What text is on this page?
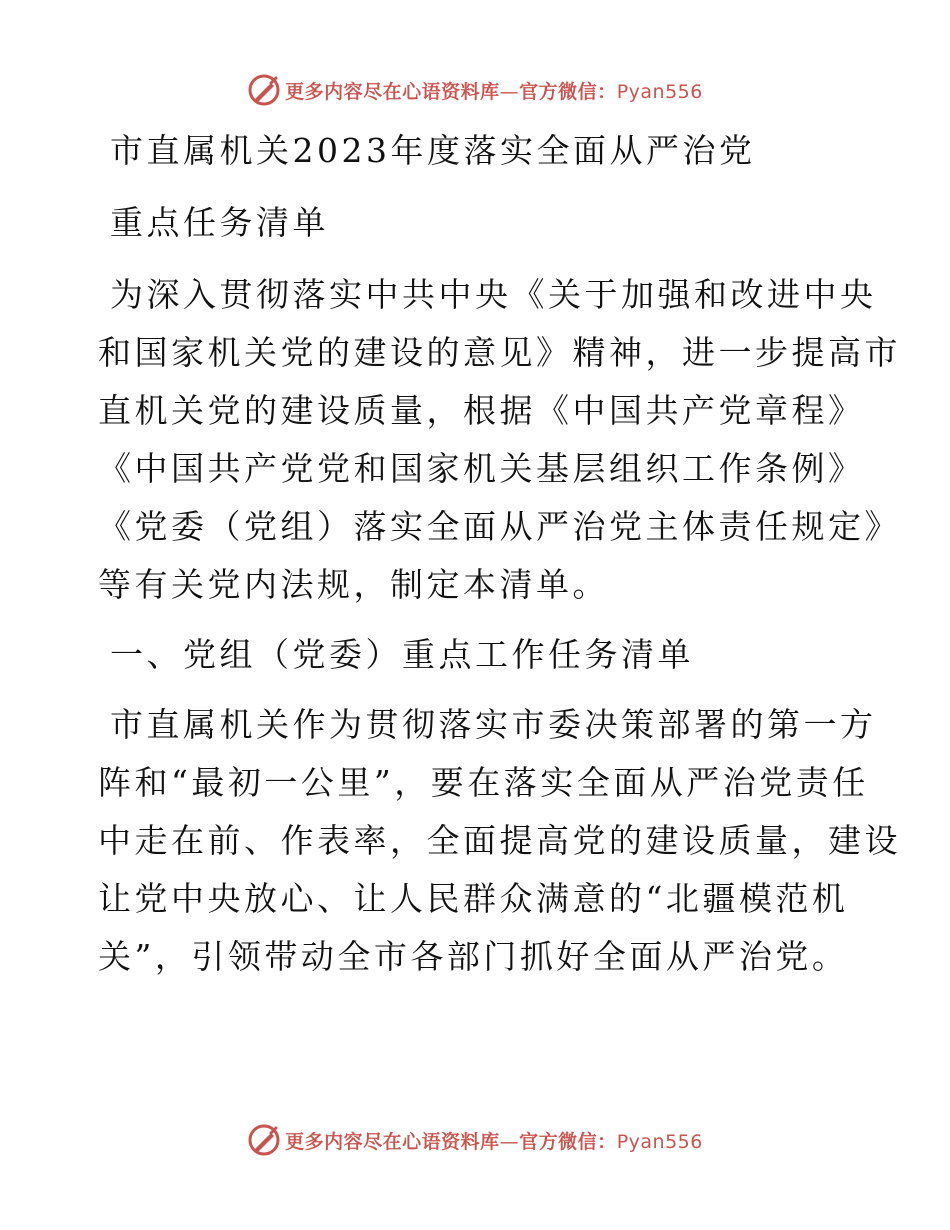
更多内容尽在心语资料库—官方微信：Pyan556
市直属机关2023年度落实全面从严治党
重点任务清单
为深入贯彻落实中共中央《关于加强和改进中央
和国家机关党的建设的意见》精神，进一步提高市
直机关党的建设质量，根据《中国共产党章程》
《中国共产党党和国家机关基层组织工作条例》
《党委（党组）落实全面从严治党主体责任规定》
等有关党内法规，制定本清单。
一、党组（党委）重点工作任务清单
市直属机关作为贯彻落实市委决策部署的第一方
阵和“最初一公里”，要在落实全面从严治党责任
中走在前、作表率，全面提高党的建设质量，建设
让党中央放心、让人民群众满意的“北疆模范机
关”，引领带动全市各部门抓好全面从严治党。
更多内容尽在心语资料库—官方微信：Pyan556
